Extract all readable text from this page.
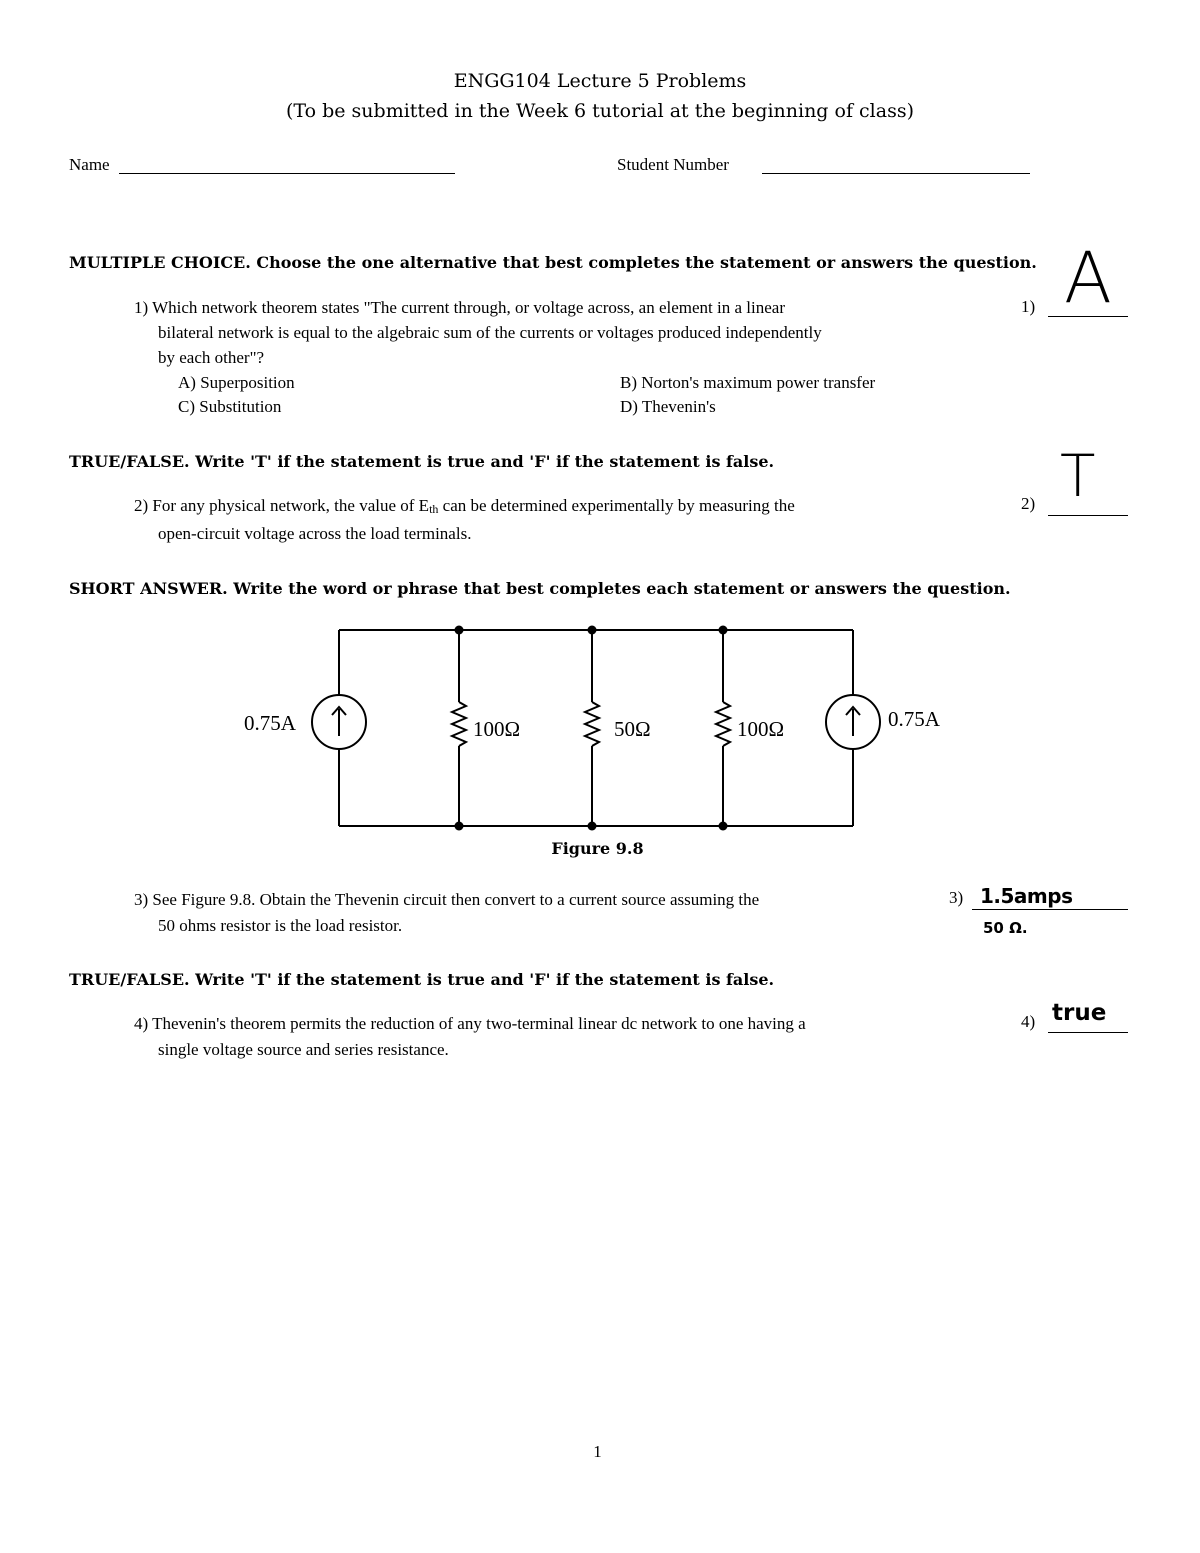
ENGG104 Lecture 5 Problems
(To be submitted in the Week 6 tutorial at the beginning of class)
Name	Student Number
MULTIPLE CHOICE. Choose the one alternative that best completes the statement or answers the question.
1) Which network theorem states "The current through, or voltage across, an element in a linear
bilateral network is equal to the algebraic sum of the currents or voltages produced independently
by each other"?
A) Superposition	B) Norton's maximum power transfer
C) Substitution	D) Thevenin's
1) A
TRUE/FALSE. Write 'T' if the statement is true and 'F' if the statement is false.
2) For any physical network, the value of $E_{th}$ can be determined experimentally by measuring the
open-circuit voltage across the load terminals.
2) T
SHORT ANSWER. Write the word or phrase that best completes each statement or answers the question.
0.75A	100Ω	50Ω	100Ω	0.75A
Figure 9.8
3) See Figure 9.8. Obtain the Thevenin circuit then convert to a current source assuming the
50 ohms resistor is the load resistor.
3) 1.5amps
50 Ω.
TRUE/FALSE. Write 'T' if the statement is true and 'F' if the statement is false.
4) Thevenin's theorem permits the reduction of any two-terminal linear dc network to one having a
single voltage source and series resistance.
4) true
1
